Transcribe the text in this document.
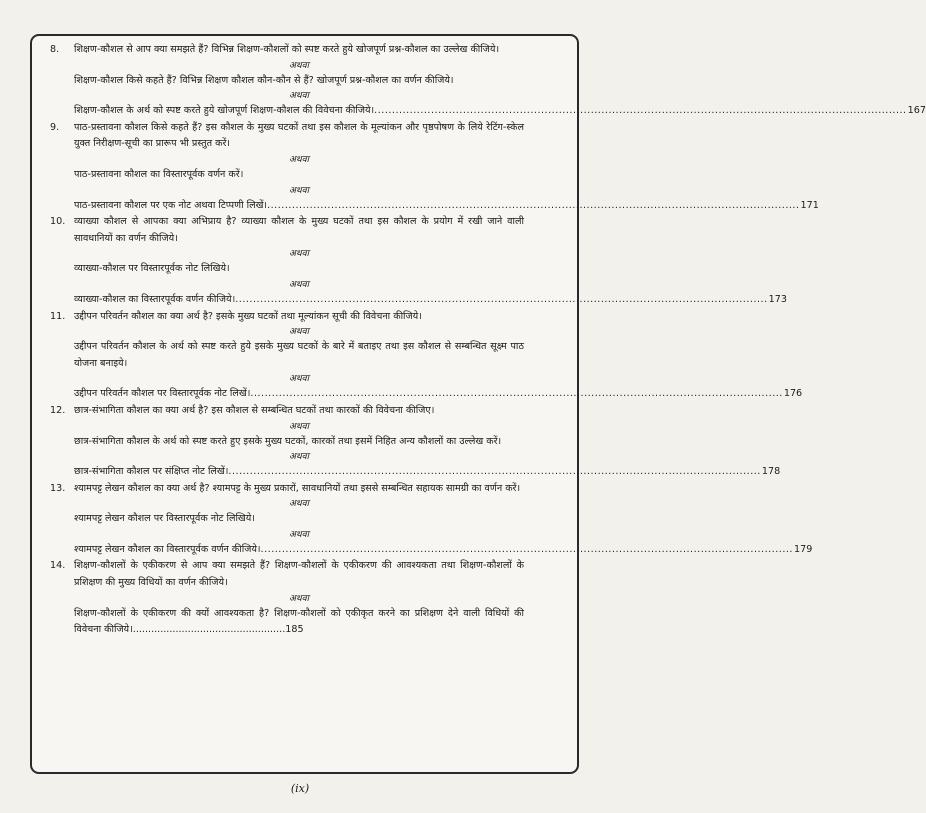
8. शिक्षण-कौशल से आप क्या समझते हैं? विभिन्न शिक्षण-कौशलों को स्पष्ट करते हुये खोजपूर्ण प्रश्न-कौशल का उल्लेख कीजिये।

अथवा

शिक्षण-कौशल किसे कहते हैं? विभिन्न शिक्षण कौशल कौन-कौन से हैं? खोजपूर्ण प्रश्न-कौशल का वर्णन कीजिये।

अथवा

शिक्षण-कौशल के अर्थ को स्पष्ट करते हुये खोजपूर्ण शिक्षण-कौशल की विवेचना कीजिये। ...................................................................................................................................................... 167

9. पाठ-प्रस्तावना कौशल किसे कहते हैं? इस कौशल के मुख्य घटकों तथा इस कौशल के मूल्यांकन और पृष्ठपोषण के लिये रेटिंग-स्केल युक्त निरीक्षण-सूची का प्रारूप भी प्रस्तुत करें।

अथवा

पाठ-प्रस्तावना कौशल का विस्तारपूर्वक वर्णन करें।

अथवा

पाठ-प्रस्तावना कौशल पर एक नोट अथवा टिप्पणी लिखें। ...................................................................................................................................................... 171

10. व्याख्या कौशल से आपका क्या अभिप्राय है? व्याख्या कौशल के मुख्य घटकों तथा इस कौशल के प्रयोग में रखी जाने वाली सावधानियों का वर्णन कीजिये।

अथवा

व्याख्या-कौशल पर विस्तारपूर्वक नोट लिखिये।

अथवा

व्याख्या-कौशल का विस्तारपूर्वक वर्णन कीजिये। ...................................................................................................................................................... 173

11. उद्दीपन परिवर्तन कौशल का क्या अर्थ है? इसके मुख्य घटकों तथा मूल्यांकन सूची की विवेचना कीजिये।

अथवा

उद्दीपन परिवर्तन कौशल के अर्थ को स्पष्ट करते हुये इसके मुख्य घटकों के बारे में बताइए तथा इस कौशल से सम्बन्धित सूक्ष्म पाठ योजना बनाइये।

अथवा

उद्दीपन परिवर्तन कौशल पर विस्तारपूर्वक नोट लिखें। ...................................................................................................................................................... 176

12. छात्र-संभागिता कौशल का क्या अर्थ है? इस कौशल से सम्बन्धित घटकों तथा कारकों की विवेचना कीजिए।

अथवा

छात्र-संभागिता कौशल के अर्थ को स्पष्ट करते हुए इसके मुख्य घटकों, कारकों तथा इसमें निहित अन्य कौशलों का उल्लेख करें।

अथवा

छात्र-संभागिता कौशल पर संक्षिप्त नोट लिखें। ...................................................................................................................................................... 178

13. श्यामपट्ट लेखन कौशल का क्या अर्थ है? श्यामपट्ट के मुख्य प्रकारों, सावधानियों तथा इससे सम्बन्धित सहायक सामग्री का वर्णन करें।

अथवा

श्यामपट्ट लेखन कौशल पर विस्तारपूर्वक नोट लिखिये।

अथवा

श्यामपट्ट लेखन कौशल का विस्तारपूर्वक वर्णन कीजिये। ...................................................................................................................................................... 179

14. शिक्षण-कौशलों के एकीकरण से आप क्या समझते हैं? शिक्षण-कौशलों के एकीकरण की आवश्यकता तथा शिक्षण-कौशलों के प्रशिक्षण की मुख्य विधियों का वर्णन कीजिये।

अथवा

शिक्षण-कौशलों के एकीकरण की क्यों आवश्यकता है? शिक्षण-कौशलों को एकीकृत करने का प्रशिक्षण देने वाली विधियों की विवेचना कीजिये।..................................................185

(ix)
